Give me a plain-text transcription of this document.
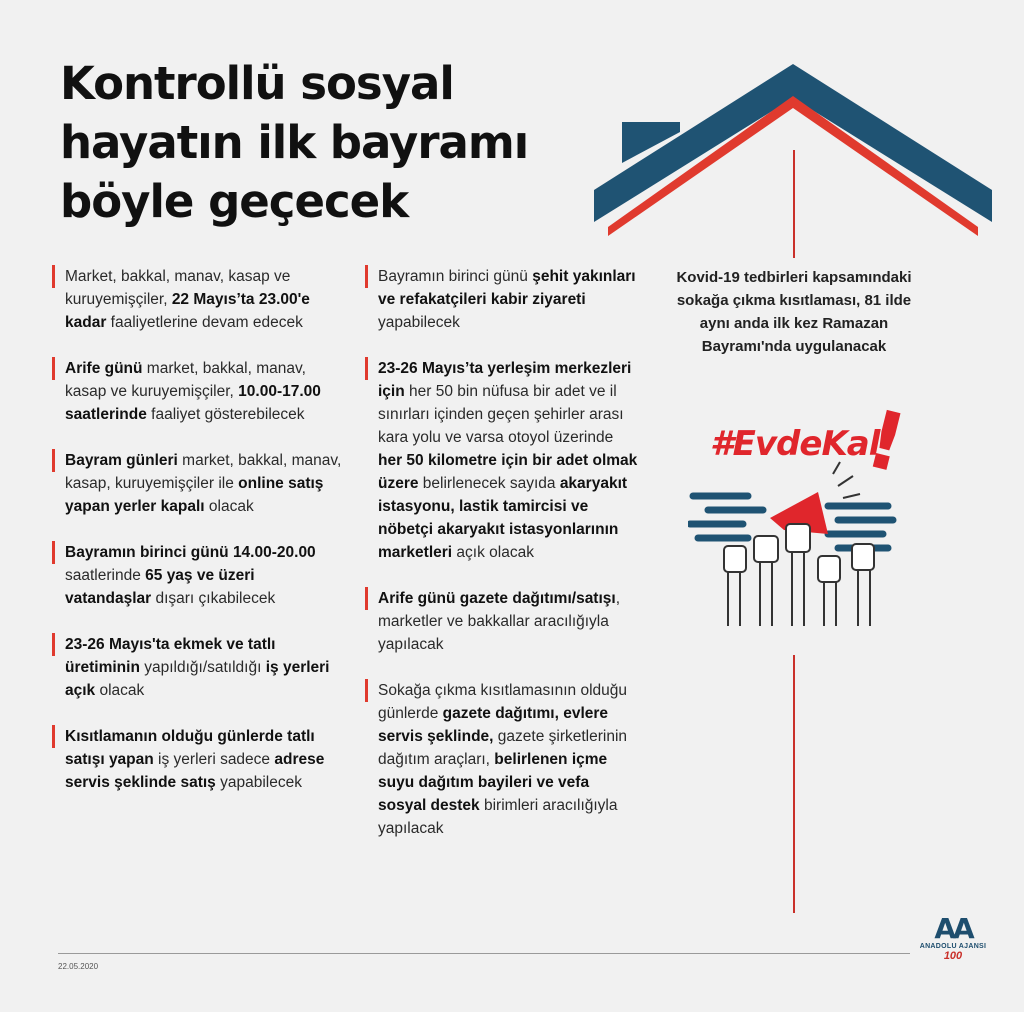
Kontrollü sosyal
hayatın ilk bayramı
böyle geçecek
Market, bakkal, manav, kasap ve kuruyemişçiler, 22 Mayıs’ta 23.00'e kadar faaliyetlerine devam edecek
Arife günü market, bakkal, manav, kasap ve kuruyemişçiler, 10.00-17.00 saatlerinde faaliyet gösterebilecek
Bayram günleri market, bakkal, manav, kasap, kuruyemişçiler ile online satış yapan yerler kapalı olacak
Bayramın birinci günü 14.00-20.00 saatlerinde 65 yaş ve üzeri vatandaşlar dışarı çıkabilecek
23-26 Mayıs'ta ekmek ve tatlı üretiminin yapıldığı/satıldığı iş yerleri açık olacak
Kısıtlamanın olduğu günlerde tatlı satışı yapan iş yerleri sadece adrese servis şeklinde satış yapabilecek
Bayramın birinci günü şehit yakınları ve refakatçileri kabir ziyareti yapabilecek
23-26 Mayıs’ta yerleşim merkezleri için her 50 bin nüfusa bir adet ve il sınırları içinden geçen şehirler arası kara yolu ve varsa otoyol üzerinde her 50 kilometre için bir adet olmak üzere belirlenecek sayıda akaryakıt istasyonu, lastik tamircisi ve nöbetçi akaryakıt istasyonlarının marketleri açık olacak
Arife günü gazete dağıtımı/satışı, marketler ve bakkallar aracılığıyla yapılacak
Sokağa çıkma kısıtlamasının olduğu günlerde gazete dağıtımı, evlere servis şeklinde, gazete şirketlerinin dağıtım araçları, belirlenen içme suyu dağıtım bayileri ve vefa sosyal destek birimleri aracılığıyla yapılacak
Kovid-19 tedbirleri kapsamındaki sokağa çıkma kısıtlaması, 81 ilde aynı anda ilk kez Ramazan Bayramı'nda uygulanacak
#EvdeKal
!
22.05.2020
AA
ANADOLU AJANSI
100
